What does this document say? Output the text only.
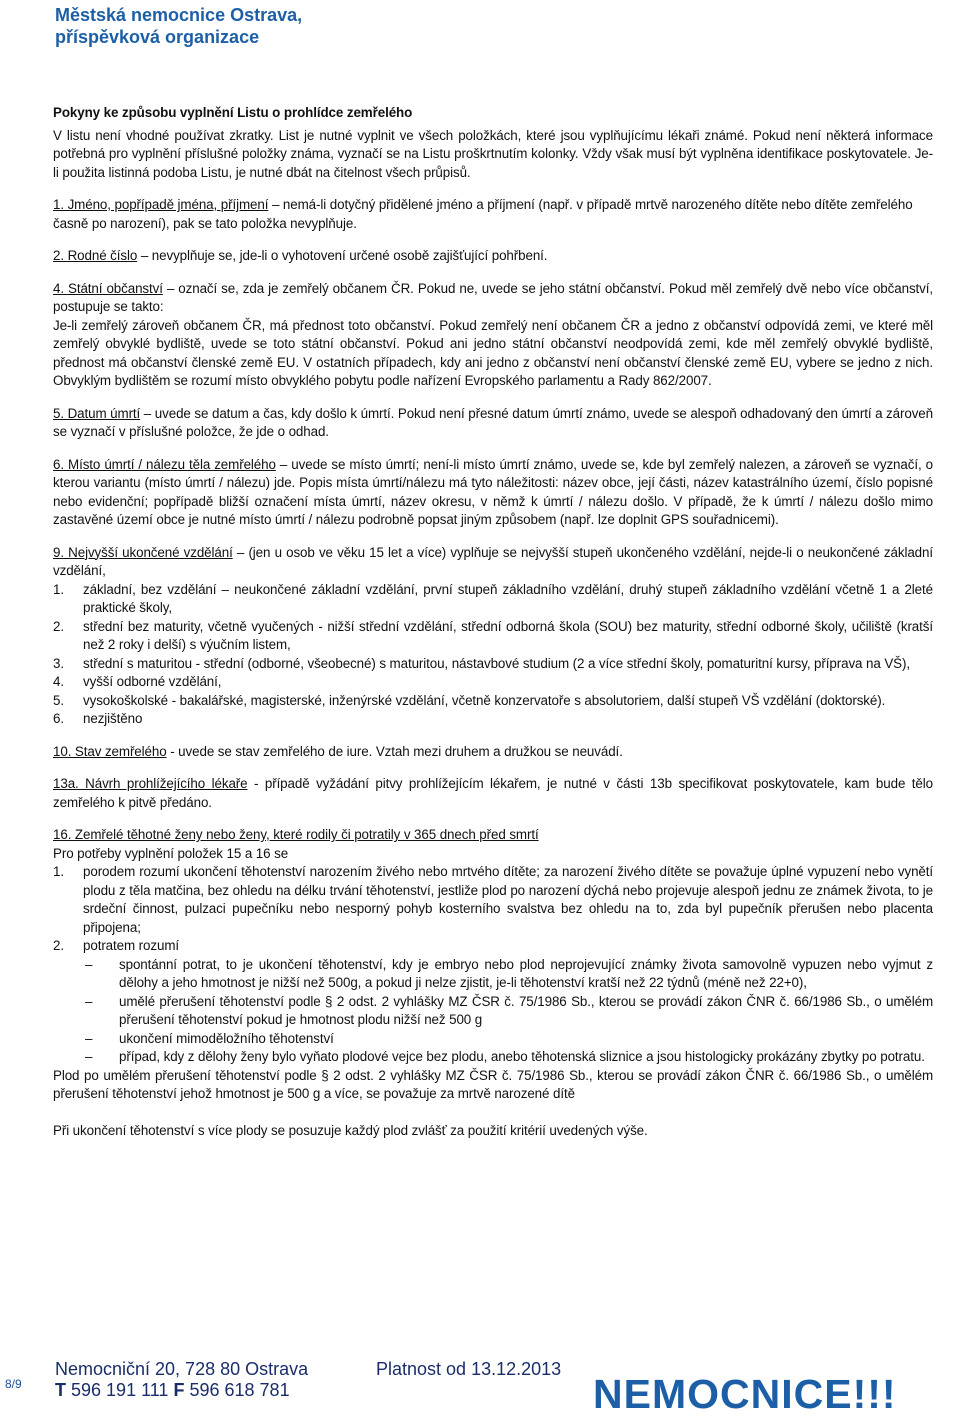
Městská nemocnice Ostrava,
příspěvková organizace

Pokyny ke způsobu vyplnění Listu o prohlídce zemřelého

V listu není vhodné používat zkratky. List je nutné vyplnit ve všech položkách, které jsou vyplňujícímu lékaři známé. Pokud není některá informace potřebná pro vyplnění příslušné položky známa, vyznačí se na Listu proškrtnutím kolonky. Vždy však musí být vyplněna identifikace poskytovatele. Je-li použita listinná podoba Listu, je nutné dbát na čitelnost všech průpisů.

1. Jméno, popřípadě jména, příjmení – nemá-li dotyčný přidělené jméno a příjmení (např. v případě mrtvě narozeného dítěte nebo dítěte zemřelého časně po narození), pak se tato položka nevyplňuje.

2. Rodné číslo – nevyplňuje se, jde-li o vyhotovení určené osobě zajišťující pohřbení.

4. Státní občanství – označí se, zda je zemřelý občanem ČR. Pokud ne, uvede se jeho státní občanství. Pokud měl zemřelý dvě nebo více občanství, postupuje se takto:

Je-li zemřelý zároveň občanem ČR, má přednost toto občanství. Pokud zemřelý není občanem ČR a jedno z občanství odpovídá zemi, ve které měl zemřelý obvyklé bydliště, uvede se toto státní občanství. Pokud ani jedno státní občanství neodpovídá zemi, kde měl zemřelý obvyklé bydliště, přednost má občanství členské země EU. V ostatních případech, kdy ani jedno z občanství není občanství členské země EU, vybere se jedno z nich. Obvyklým bydlištěm se rozumí místo obvyklého pobytu podle nařízení Evropského parlamentu a Rady 862/2007.

5. Datum úmrtí – uvede se datum a čas, kdy došlo k úmrtí. Pokud není přesné datum úmrtí známo, uvede se alespoň odhadovaný den úmrtí a zároveň se vyznačí v příslušné položce, že jde o odhad.

6. Místo úmrtí / nálezu těla zemřelého – uvede se místo úmrtí; není-li místo úmrtí známo, uvede se, kde byl zemřelý nalezen, a zároveň se vyznačí, o kterou variantu (místo úmrtí / nálezu) jde. Popis místa úmrtí/nálezu má tyto náležitosti: název obce, její části, název katastrálního území, číslo popisné nebo evidenční; popřípadě bližší označení místa úmrtí, název okresu, v němž k úmrtí / nálezu došlo. V případě, že k úmrtí / nálezu došlo mimo zastavěné území obce je nutné místo úmrtí / nálezu podrobně popsat jiným způsobem (např. lze doplnit GPS souřadnicemi).

9. Nejvyšší ukončené vzdělání – (jen u osob ve věku 15 let a více) vyplňuje se nejvyšší stupeň ukončeného vzdělání, nejde-li o neukončené základní vzdělání,

1. základní, bez vzdělání – neukončené základní vzdělání, první stupeň základního vzdělání, druhý stupeň základního vzdělání včetně 1 a 2leté praktické školy,
2. střední bez maturity, včetně vyučených - nižší střední vzdělání, střední odborná škola (SOU) bez maturity, střední odborné školy, učiliště (kratší než 2 roky i delší) s výučním listem,
3. střední s maturitou - střední (odborné, všeobecné) s maturitou, nástavbové studium (2 a více střední školy, pomaturitní kursy, příprava na VŠ),
4. vyšší odborné vzdělání,
5. vysokoškolské - bakalářské, magisterské, inženýrské vzdělání, včetně konzervatoře s absolutoriem, další stupeň VŠ vzdělání (doktorské).
6. nezjištěno

10. Stav zemřelého - uvede se stav zemřelého de iure. Vztah mezi druhem a družkou se neuvádí.

13a. Návrh prohlížejícího lékaře - případě vyžádání pitvy prohlížejícím lékařem, je nutné v části 13b specifikovat poskytovatele, kam bude tělo zemřelého k pitvě předáno.

16. Zemřelé těhotné ženy nebo ženy, které rodily či potratily v 365 dnech před smrtí

Pro potřeby vyplnění položek 15 a 16 se

1. porodem rozumí ukončení těhotenství narozením živého nebo mrtvého dítěte; za narození živého dítěte se považuje úplné vypuzení nebo vynětí plodu z těla matčina, bez ohledu na délku trvání těhotenství, jestliže plod po narození dýchá nebo projevuje alespoň jednu ze známek života, to je srdeční činnost, pulzaci pupečníku nebo nesporný pohyb kosterního svalstva bez ohledu na to, zda byl pupečník přerušen nebo placenta připojena;
2. potratem rozumí
– spontánní potrat, to je ukončení těhotenství, kdy je embryo nebo plod neprojevující známky života samovolně vypuzen nebo vyjmut z dělohy a jeho hmotnost je nižší než 500g, a pokud ji nelze zjistit, je-li těhotenství kratší než 22 týdnů (méně než 22+0),
– umělé přerušení těhotenství podle § 2 odst. 2 vyhlášky MZ ČSR č. 75/1986 Sb., kterou se provádí zákon ČNR č. 66/1986 Sb., o umělém přerušení těhotenství pokud je hmotnost plodu nižší než 500 g
– ukončení mimoděložního těhotenství
– případ, kdy z dělohy ženy bylo vyňato plodové vejce bez plodu, anebo těhotenská sliznice a jsou histologicky prokázány zbytky po potratu.

Plod po umělém přerušení těhotenství podle § 2 odst. 2 vyhlášky MZ ČSR č. 75/1986 Sb., kterou se provádí zákon ČNR č. 66/1986 Sb., o umělém přerušení těhotenství jehož hmotnost je 500 g a více, se považuje za mrtvě narozené dítě

Při ukončení těhotenství s více plody se posuzuje každý plod zvlášť za použití kritérií uvedených výše.

8/9
Nemocniční 20, 728 80 Ostrava
T 596 191 111 F 596 618 781
Platnost od 13.12.2013
NEMOCNICE!!!
